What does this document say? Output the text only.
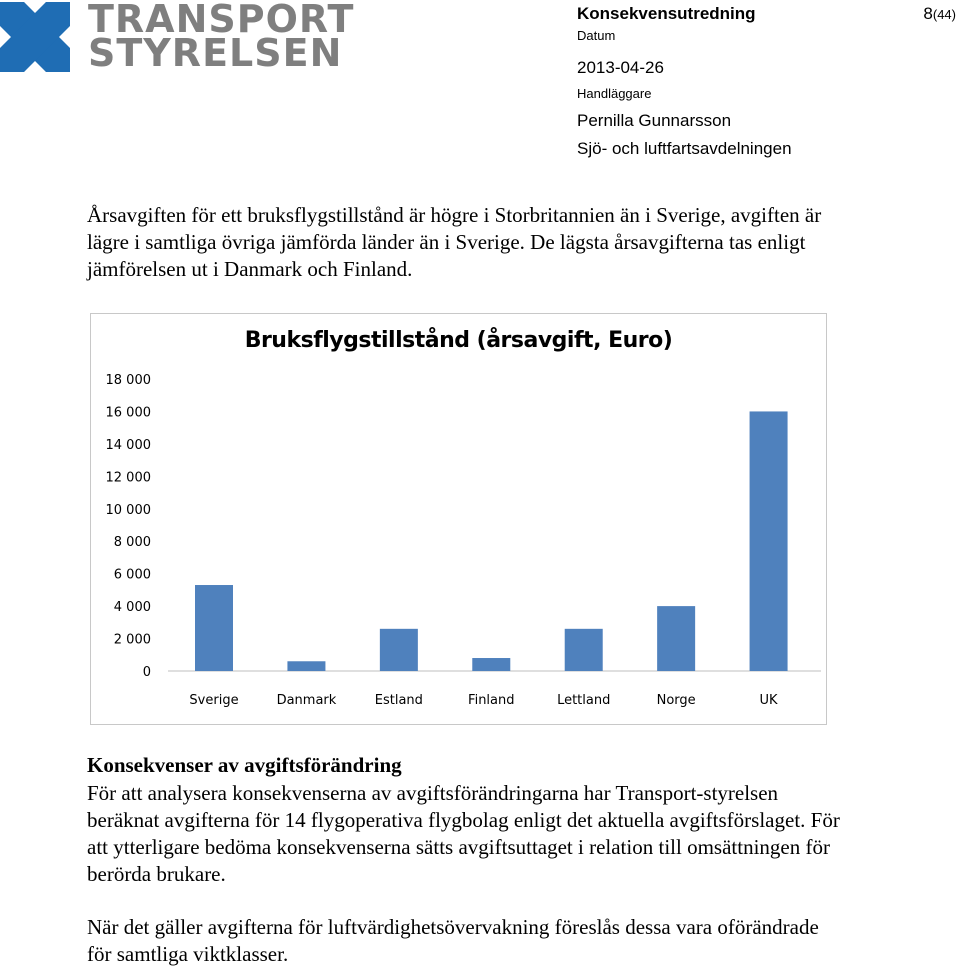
TRANSPORT
STYRELSEN
Konsekvensutredning	8(44)
Datum
2013-04-26
Handläggare
Pernilla Gunnarsson
Sjö- och luftfartsavdelningen

Årsavgiften för ett bruksflygstillstånd är högre i Storbritannien än i Sverige, avgiften är lägre i samtliga övriga jämförda länder än i Sverige. De lägsta årsavgifterna tas enligt jämförelsen ut i Danmark och Finland.

Bruksflygstillstånd (årsavgift, Euro)
0
2 000
4 000
6 000
8 000
10 000
12 000
14 000
16 000
18 000
Sverige	Danmark	Estland	Finland	Lettland	Norge	UK
Konsekvenser av avgiftsförändring

För att analysera konsekvenserna av avgiftsförändringarna har Transport-styrelsen beräknat avgifterna för 14 flygoperativa flygbolag enligt det aktuella avgiftsförslaget. För att ytterligare bedöma konsekvenserna sätts avgiftsuttaget i relation till omsättningen för berörda brukare.

När det gäller avgifterna för luftvärdighetsövervakning föreslås dessa vara oförändrade för samtliga viktklasser.
